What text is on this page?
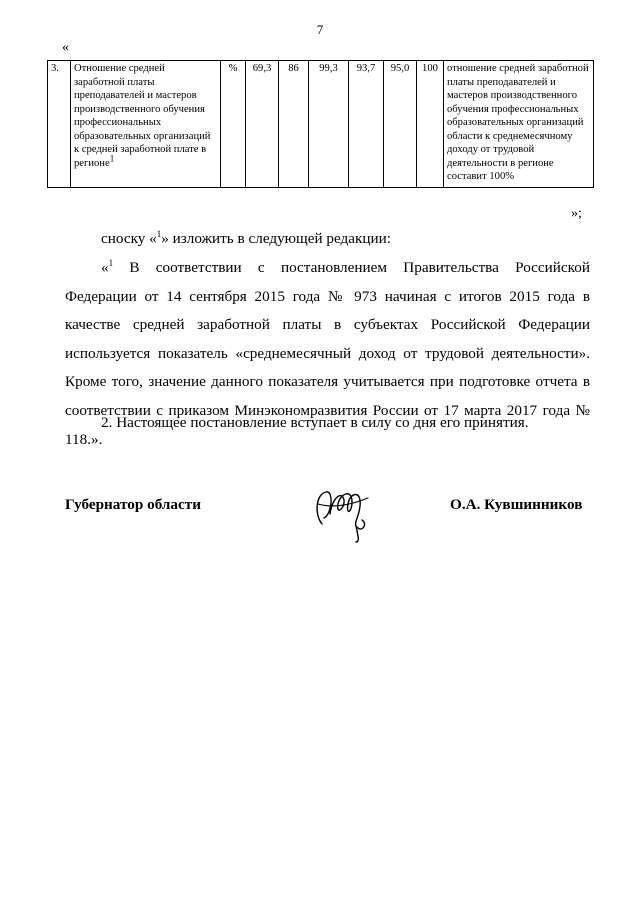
7
«
3.	Отношение средней заработной платы преподавателей и мастеров производственного обучения профессиональных образовательных организаций к средней заработной плате в регионе$^1$	%	69,3	86	99,3	93,7	95,0	100	отношение средней заработной платы преподавателей и мастеров производственного обучения профессиональных образовательных организаций области к среднемесячному доходу от трудовой деятельности в регионе составит 100%
»;
сноску «$^1$» изложить в следующей редакции:
«$^1$ В соответствии с постановлением Правительства Российской Федерации от 14 сентября 2015 года № 973 начиная с итогов 2015 года в качестве средней заработной платы в субъектах Российской Федерации используется показатель «среднемесячный доход от трудовой деятельности». Кроме того, значение данного показателя учитывается при подготовке отчета в соответствии с приказом Минэкономразвития России от 17 марта 2017 года № 118.».
2. Настоящее постановление вступает в силу со дня его принятия.
Губернатор области	О.А. Кувшинников
